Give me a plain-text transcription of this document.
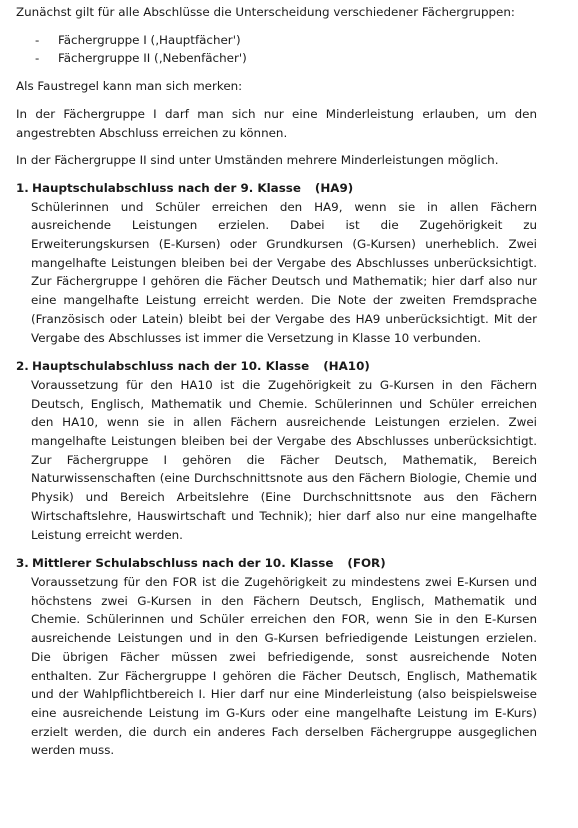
Zunächst gilt für alle Abschlüsse die Unterscheidung verschiedener Fächergruppen:

- Fächergruppe I (‚Hauptfächer')
- Fächergruppe II (‚Nebenfächer')

Als Faustregel kann man sich merken:

In der Fächergruppe I darf man sich nur eine Minderleistung erlauben, um den angestrebten Abschluss erreichen zu können.

In der Fächergruppe II sind unter Umständen mehrere Minderleistungen möglich.

1. Hauptschulabschluss nach der 9. Klasse (HA9)

Schülerinnen und Schüler erreichen den HA9, wenn sie in allen Fächern ausreichende Leistungen erzielen. Dabei ist die Zugehörigkeit zu Erweiterungskursen (E-Kursen) oder Grundkursen (G-Kursen) unerheblich. Zwei mangelhafte Leistungen bleiben bei der Vergabe des Abschlusses unberücksichtigt. Zur Fächergruppe I gehören die Fächer Deutsch und Mathematik; hier darf also nur eine mangelhafte Leistung erreicht werden. Die Note der zweiten Fremdsprache (Französisch oder Latein) bleibt bei der Vergabe des HA9 unberücksichtigt. Mit der Vergabe des Abschlusses ist immer die Versetzung in Klasse 10 verbunden.

2. Hauptschulabschluss nach der 10. Klasse (HA10)

Voraussetzung für den HA10 ist die Zugehörigkeit zu G-Kursen in den Fächern Deutsch, Englisch, Mathematik und Chemie. Schülerinnen und Schüler erreichen den HA10, wenn sie in allen Fächern ausreichende Leistungen erzielen. Zwei mangelhafte Leistungen bleiben bei der Vergabe des Abschlusses unberücksichtigt. Zur Fächergruppe I gehören die Fächer Deutsch, Mathematik, Bereich Naturwissenschaften (eine Durchschnittsnote aus den Fächern Biologie, Chemie und Physik) und Bereich Arbeitslehre (Eine Durchschnittsnote aus den Fächern Wirtschaftslehre, Hauswirtschaft und Technik); hier darf also nur eine mangelhafte Leistung erreicht werden.

3. Mittlerer Schulabschluss nach der 10. Klasse (FOR)

Voraussetzung für den FOR ist die Zugehörigkeit zu mindestens zwei E-Kursen und höchstens zwei G-Kursen in den Fächern Deutsch, Englisch, Mathematik und Chemie. Schülerinnen und Schüler erreichen den FOR, wenn Sie in den E-Kursen ausreichende Leistungen und in den G-Kursen befriedigende Leistungen erzielen. Die übrigen Fächer müssen zwei befriedigende, sonst ausreichende Noten enthalten. Zur Fächergruppe I gehören die Fächer Deutsch, Englisch, Mathematik und der Wahlpflichtbereich I. Hier darf nur eine Minderleistung (also beispielsweise eine ausreichende Leistung im G-Kurs oder eine mangelhafte Leistung im E-Kurs) erzielt werden, die durch ein anderes Fach derselben Fächergruppe ausgeglichen werden muss.
